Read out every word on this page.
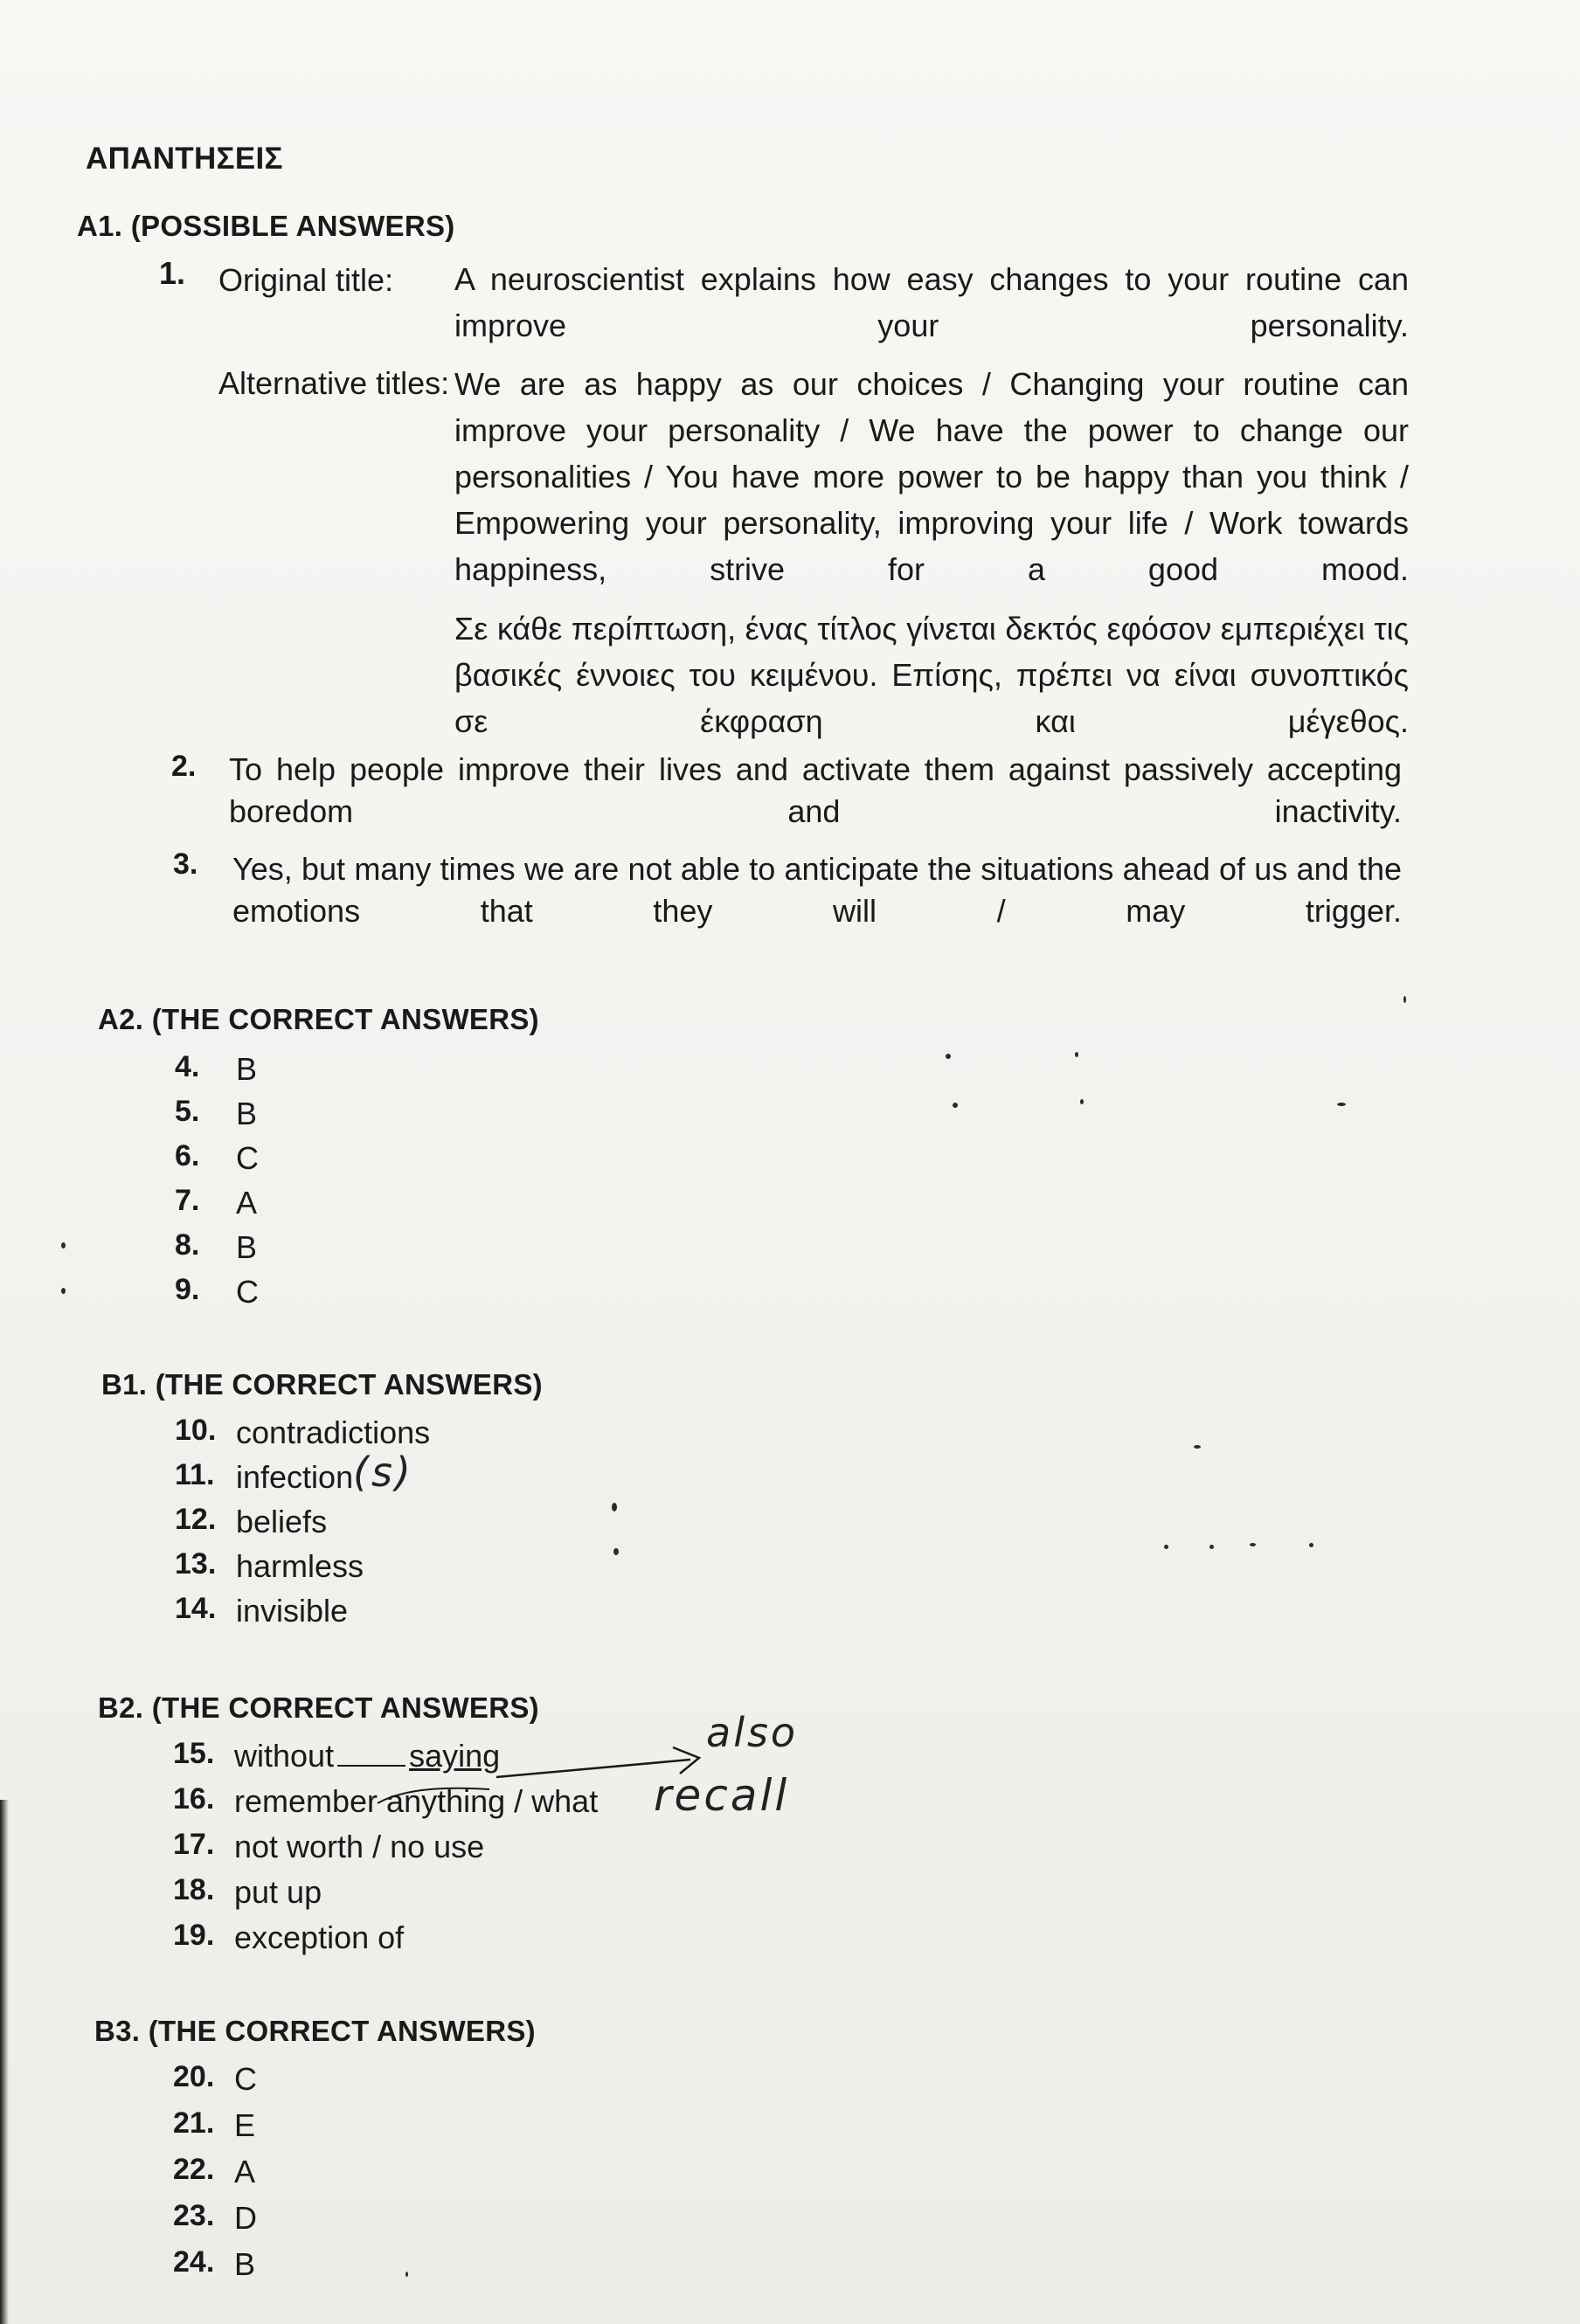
ΑΠΑΝΤΗΣΕΙΣ
A1. (POSSIBLE ANSWERS)
1. Original title: A neuroscientist explains how easy changes to your routine can improve your personality.
Alternative titles: We are as happy as our choices / Changing your routine can improve your personality / We have the power to change our personalities / You have more power to be happy than you think / Empowering your personality, improving your life / Work towards happiness, strive for a good mood.
Σε κάθε περίπτωση, ένας τίτλος γίνεται δεκτός εφόσον εμπεριέχει τις βασικές έννοιες του κειμένου. Επίσης, πρέπει να είναι συνοπτικός σε έκφραση και μέγεθος.
2. To help people improve their lives and activate them against passively accepting boredom and inactivity.
3. Yes, but many times we are not able to anticipate the situations ahead of us and the emotions that they will / may trigger.
A2. (THE CORRECT ANSWERS)
4. B
5. B
6. C
7. A
8. B
9. C
B1. (THE CORRECT ANSWERS)
10. contradictions
11. infection (s)
12. beliefs
13. harmless
14. invisible
B2. (THE CORRECT ANSWERS)
15. without saying
16. remember anything / what
17. not worth / no use
18. put up
19. exception of
also
recall
B3. (THE CORRECT ANSWERS)
20. C
21. E
22. A
23. D
24. B
